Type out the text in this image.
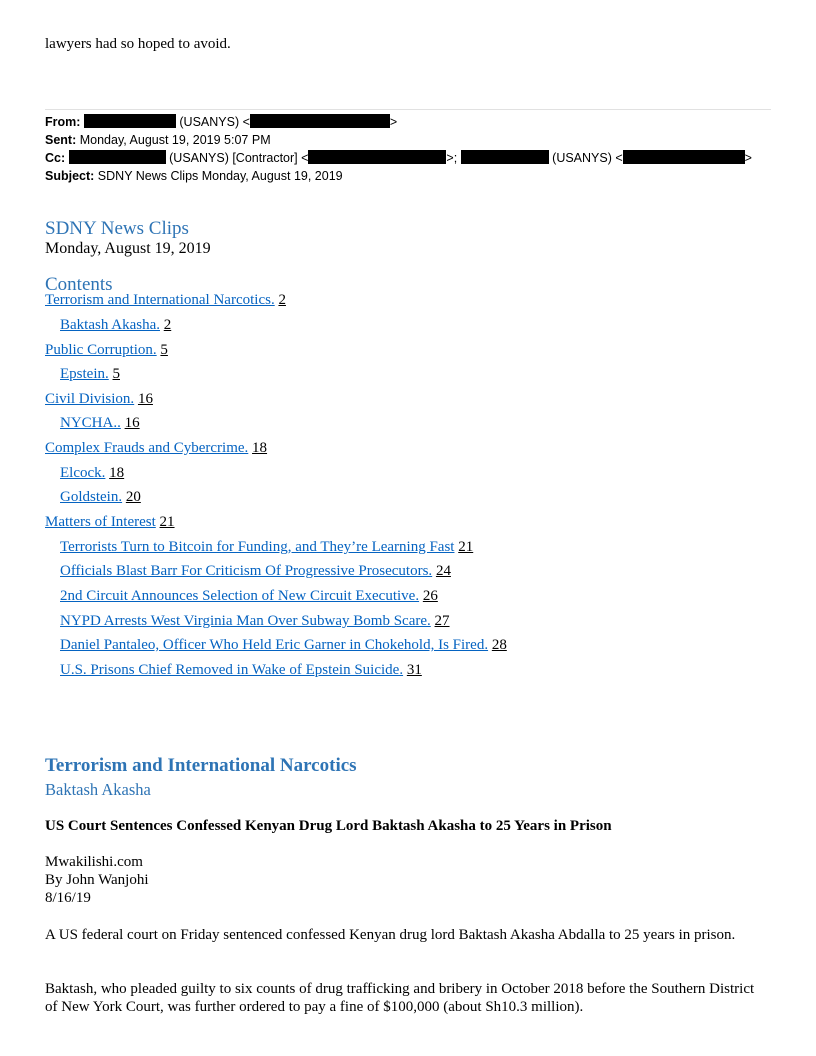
lawyers had so hoped to avoid.
From:	(USANYS) <	>
Sent: Monday, August 19, 2019 5:07 PM
Cc:	(USANYS) [Contractor] <	>;	(USANYS) <	>
Subject: SDNY News Clips Monday, August 19, 2019
SDNY News Clips
Monday, August 19, 2019
Contents
Terrorism and International Narcotics. 2
Baktash Akasha. 2
Public Corruption. 5
Epstein. 5
Civil Division. 16
NYCHA.. 16
Complex Frauds and Cybercrime. 18
Elcock. 18
Goldstein. 20
Matters of Interest 21
Terrorists Turn to Bitcoin for Funding, and They’re Learning Fast 21
Officials Blast Barr For Criticism Of Progressive Prosecutors. 24
2nd Circuit Announces Selection of New Circuit Executive. 26
NYPD Arrests West Virginia Man Over Subway Bomb Scare. 27
Daniel Pantaleo, Officer Who Held Eric Garner in Chokehold, Is Fired. 28
U.S. Prisons Chief Removed in Wake of Epstein Suicide. 31
Terrorism and International Narcotics
Baktash Akasha
US Court Sentences Confessed Kenyan Drug Lord Baktash Akasha to 25 Years in Prison
Mwakilishi.com
By John Wanjohi
8/16/19
A US federal court on Friday sentenced confessed Kenyan drug lord Baktash Akasha Abdalla to 25 years in prison.
Baktash, who pleaded guilty to six counts of drug trafficking and bribery in October 2018 before the Southern District of New York Court, was further ordered to pay a fine of $100,000 (about Sh10.3 million).
